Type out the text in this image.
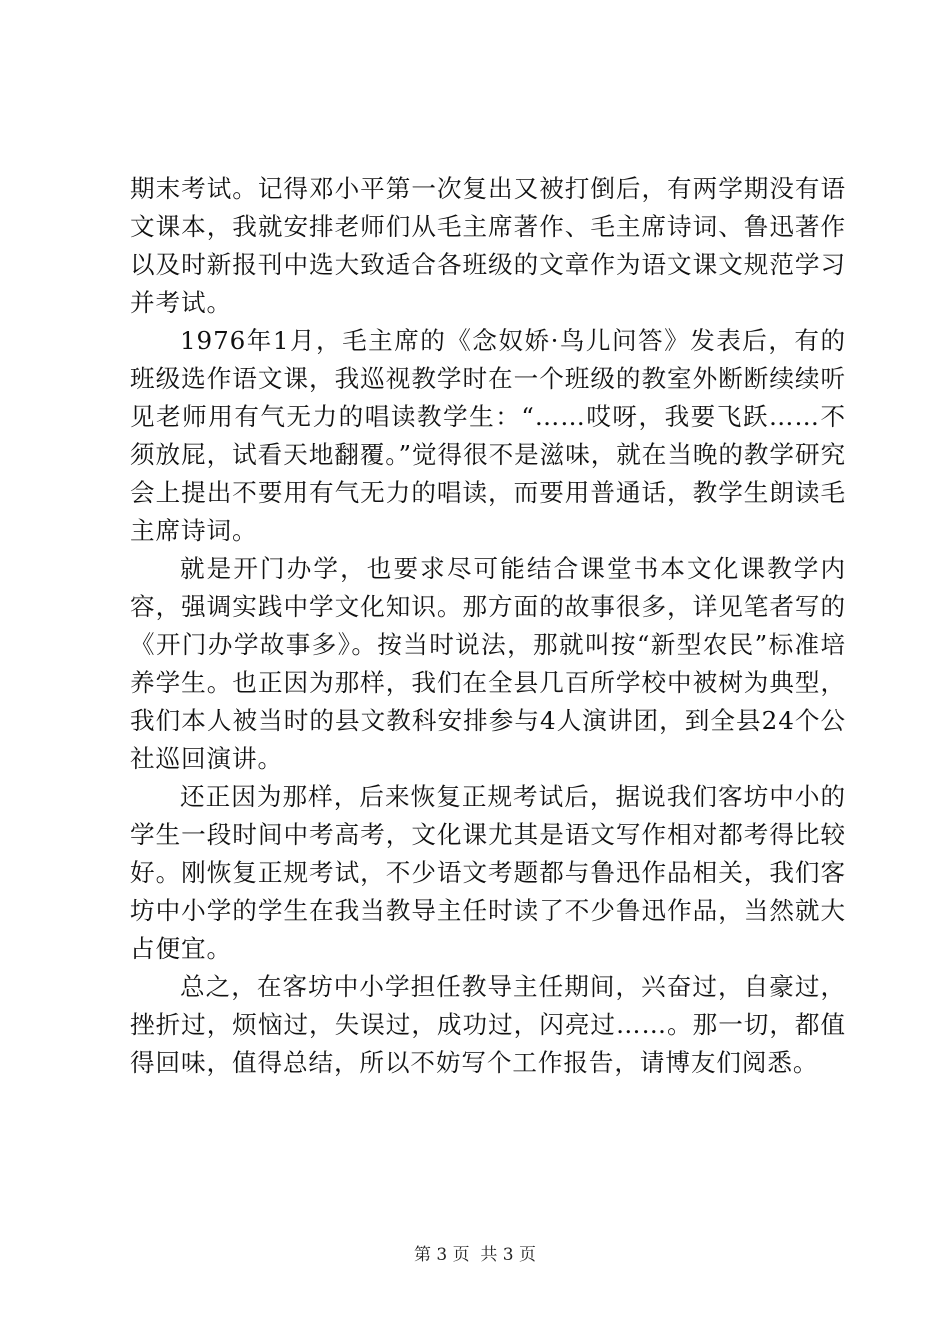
期末考试。记得邓小平第一次复出又被打倒后，有两学期没有语文课本，我就安排老师们从毛主席著作、毛主席诗词、鲁迅著作以及时新报刊中选大致适合各班级的文章作为语文课文规范学习并考试。

1976年1月，毛主席的《念奴娇·鸟儿问答》发表后，有的班级选作语文课，我巡视教学时在一个班级的教室外断断续续听见老师用有气无力的唱读教学生：“……哎呀，我要飞跃……不须放屁，试看天地翻覆。”觉得很不是滋味，就在当晚的教学研究会上提出不要用有气无力的唱读，而要用普通话，教学生朗读毛主席诗词。

就是开门办学，也要求尽可能结合课堂书本文化课教学内容，强调实践中学文化知识。那方面的故事很多，详见笔者写的《开门办学故事多》。按当时说法，那就叫按“新型农民”标准培养学生。也正因为那样，我们在全县几百所学校中被树为典型，我们本人被当时的县文教科安排参与4人演讲团，到全县24个公社巡回演讲。

还正因为那样，后来恢复正规考试后，据说我们客坊中小的学生一段时间中考高考，文化课尤其是语文写作相对都考得比较好。刚恢复正规考试，不少语文考题都与鲁迅作品相关，我们客坊中小学的学生在我当教导主任时读了不少鲁迅作品，当然就大占便宜。

总之，在客坊中小学担任教导主任期间，兴奋过，自豪过，挫折过，烦恼过，失误过，成功过，闪亮过……。那一切，都值得回味，值得总结，所以不妨写个工作报告，请博友们阅悉。

第 3 页  共 3 页
